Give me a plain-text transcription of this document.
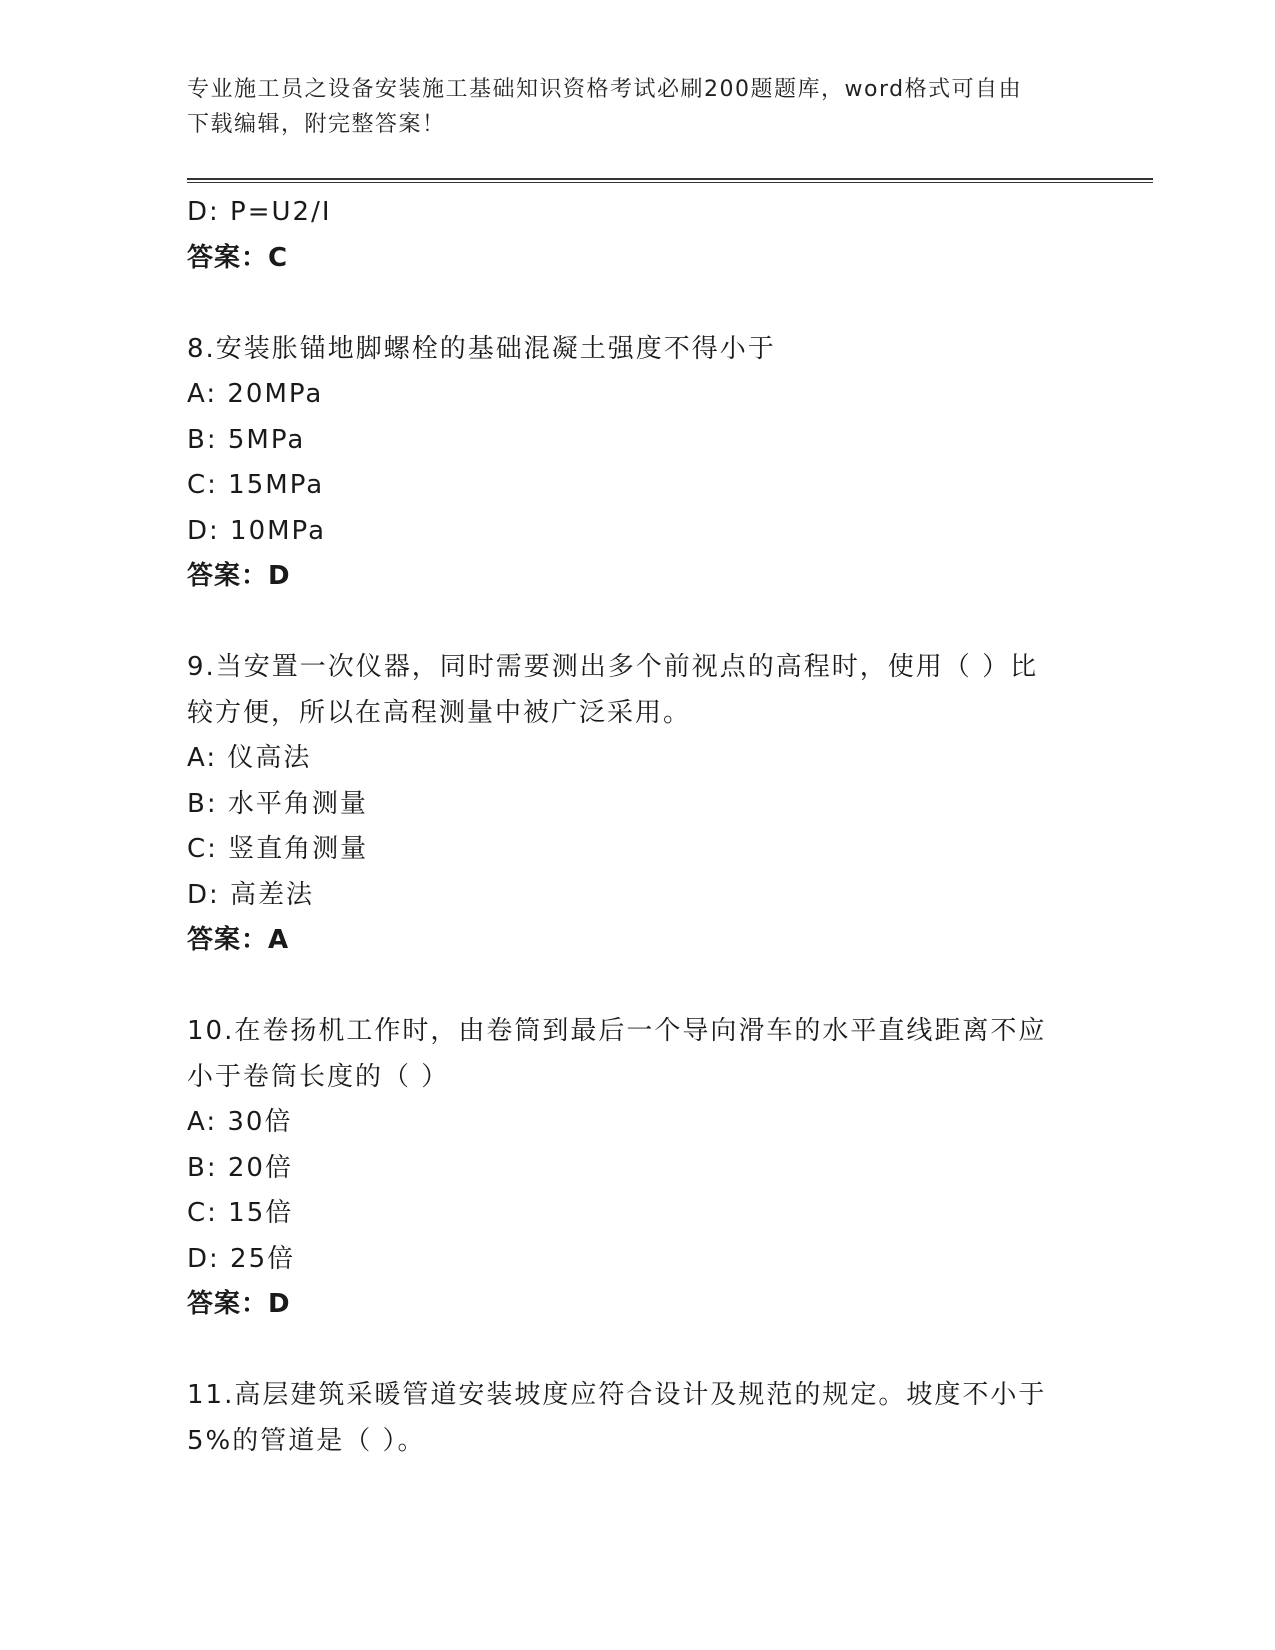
专业施工员之设备安装施工基础知识资格考试必刷200题题库，word格式可自由
下载编辑，附完整答案！
D: P=U2/I
答案：C
8.安装胀锚地脚螺栓的基础混凝土强度不得小于
A: 20MPa
B: 5MPa
C: 15MPa
D: 10MPa
答案：D
9.当安置一次仪器，同时需要测出多个前视点的高程时，使用（ ）比
较方便，所以在高程测量中被广泛采用。
A: 仪高法
B: 水平角测量
C: 竖直角测量
D: 高差法
答案：A
10.在卷扬机工作时，由卷筒到最后一个导向滑车的水平直线距离不应
小于卷筒长度的（ ）
A: 30倍
B: 20倍
C: 15倍
D: 25倍
答案：D
11.高层建筑采暖管道安装坡度应符合设计及规范的规定。坡度不小于
5%的管道是（ ）。
